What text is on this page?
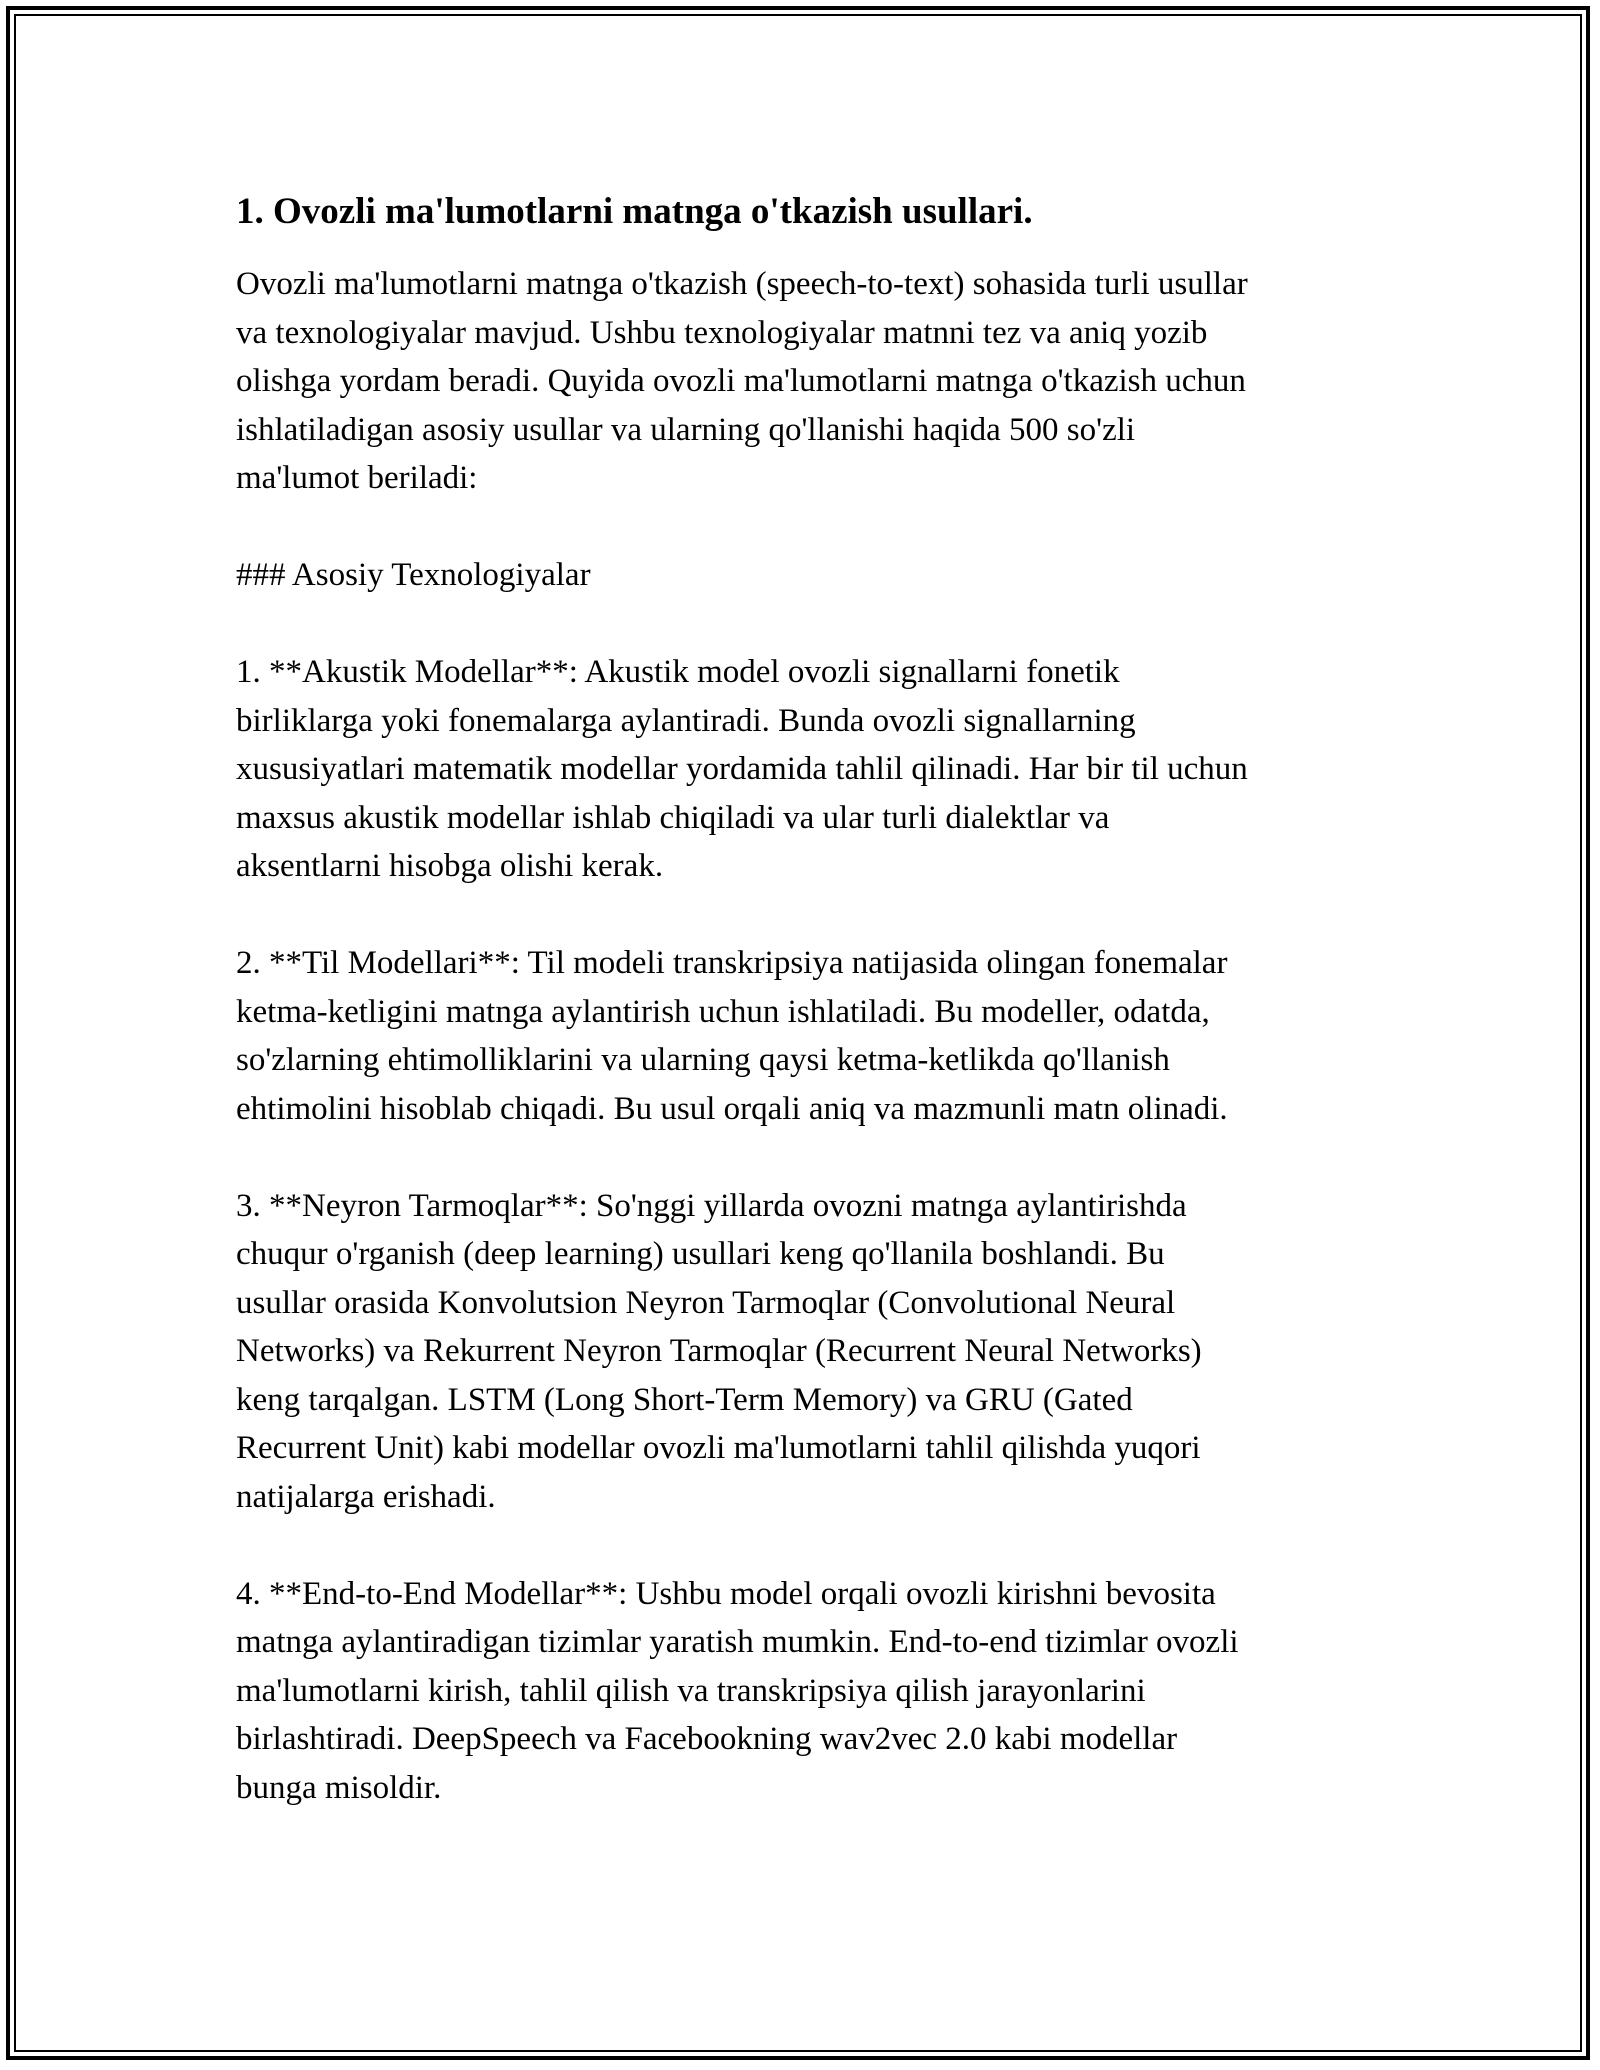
1. Ovozli ma'lumotlarni matnga o'tkazish usullari.

Ovozli ma'lumotlarni matnga o'tkazish (speech-to-text) sohasida turli usullar
va texnologiyalar mavjud. Ushbu texnologiyalar matnni tez va aniq yozib
olishga yordam beradi. Quyida ovozli ma'lumotlarni matnga o'tkazish uchun
ishlatiladigan asosiy usullar va ularning qo'llanishi haqida 500 so'zli
ma'lumot beriladi:

### Asosiy Texnologiyalar

1. **Akustik Modellar**: Akustik model ovozli signallarni fonetik
birliklarga yoki fonemalarga aylantiradi. Bunda ovozli signallarning
xususiyatlari matematik modellar yordamida tahlil qilinadi. Har bir til uchun
maxsus akustik modellar ishlab chiqiladi va ular turli dialektlar va
aksentlarni hisobga olishi kerak.

2. **Til Modellari**: Til modeli transkripsiya natijasida olingan fonemalar
ketma-ketligini matnga aylantirish uchun ishlatiladi. Bu modeller, odatda,
so'zlarning ehtimolliklarini va ularning qaysi ketma-ketlikda qo'llanish
ehtimolini hisoblab chiqadi. Bu usul orqali aniq va mazmunli matn olinadi.

3. **Neyron Tarmoqlar**: So'nggi yillarda ovozni matnga aylantirishda
chuqur o'rganish (deep learning) usullari keng qo'llanila boshlandi. Bu
usullar orasida Konvolutsion Neyron Tarmoqlar (Convolutional Neural
Networks) va Rekurrent Neyron Tarmoqlar (Recurrent Neural Networks)
keng tarqalgan. LSTM (Long Short-Term Memory) va GRU (Gated
Recurrent Unit) kabi modellar ovozli ma'lumotlarni tahlil qilishda yuqori
natijalarga erishadi.

4. **End-to-End Modellar**: Ushbu model orqali ovozli kirishni bevosita
matnga aylantiradigan tizimlar yaratish mumkin. End-to-end tizimlar ovozli
ma'lumotlarni kirish, tahlil qilish va transkripsiya qilish jarayonlarini
birlashtiradi. DeepSpeech va Facebookning wav2vec 2.0 kabi modellar
bunga misoldir.
